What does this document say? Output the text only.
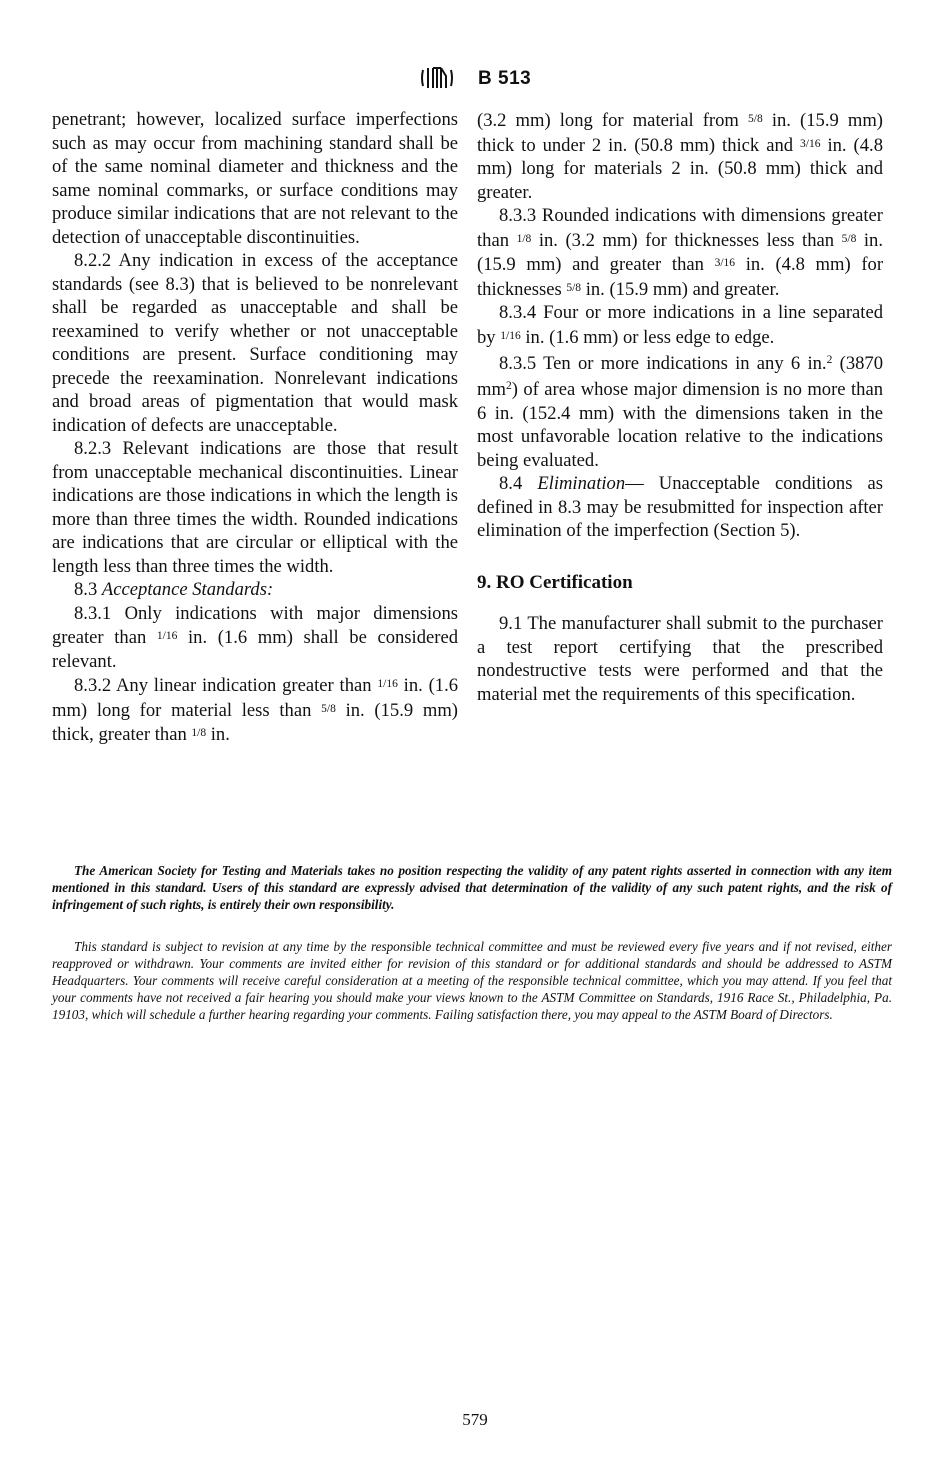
B 513

penetrant; however, localized surface imperfections such as may occur from machining standard shall be of the same nominal diameter and thickness and the same nominal commarks, or surface conditions may produce similar indications that are not relevant to the detection of unacceptable discontinuities.

8.2.2 Any indication in excess of the acceptance standards (see 8.3) that is believed to be nonrelevant shall be regarded as unacceptable and shall be reexamined to verify whether or not unacceptable conditions are present. Surface conditioning may precede the reexamination. Nonrelevant indications and broad areas of pigmentation that would mask indication of defects are unacceptable.

8.2.3 Relevant indications are those that result from unacceptable mechanical discontinuities. Linear indications are those indications in which the length is more than three times the width. Rounded indications are indications that are circular or elliptical with the length less than three times the width.

8.3 Acceptance Standards:

8.3.1 Only indications with major dimensions greater than $^{1/16}$ in. (1.6 mm) shall be considered relevant.

8.3.2 Any linear indication greater than $^{1/16}$ in. (1.6 mm) long for material less than $^{5/8}$ in. (15.9 mm) thick, greater than $^{1/8}$ in.

(3.2 mm) long for material from $^{5/8}$ in. (15.9 mm) thick to under 2 in. (50.8 mm) thick and $^{3/16}$ in. (4.8 mm) long for materials 2 in. (50.8 mm) thick and greater.

8.3.3 Rounded indications with dimensions greater than $^{1/8}$ in. (3.2 mm) for thicknesses less than $^{5/8}$ in. (15.9 mm) and greater than $^{3/16}$ in. (4.8 mm) for thicknesses $^{5/8}$ in. (15.9 mm) and greater.

8.3.4 Four or more indications in a line separated by $^{1/16}$ in. (1.6 mm) or less edge to edge.

8.3.5 Ten or more indications in any 6 in.$^2$ (3870 $mm^2$) of area whose major dimension is no more than 6 in. (152.4 mm) with the dimensions taken in the most unfavorable location relative to the indications being evaluated.

8.4 Elimination— Unacceptable conditions as defined in 8.3 may be resubmitted for inspection after elimination of the imperfection (Section 5).

9. RO Certification

9.1 The manufacturer shall submit to the purchaser a test report certifying that the prescribed nondestructive tests were performed and that the material met the requirements of this specification.

The American Society for Testing and Materials takes no position respecting the validity of any patent rights asserted in connection with any item mentioned in this standard. Users of this standard are expressly advised that determination of the validity of any such patent rights, and the risk of infringement of such rights, is entirely their own responsibility.

This standard is subject to revision at any time by the responsible technical committee and must be reviewed every five years and if not revised, either reapproved or withdrawn. Your comments are invited either for revision of this standard or for additional standards and should be addressed to ASTM Headquarters. Your comments will receive careful consideration at a meeting of the responsible technical committee, which you may attend. If you feel that your comments have not received a fair hearing you should make your views known to the ASTM Committee on Standards, 1916 Race St., Philadelphia, Pa. 19103, which will schedule a further hearing regarding your comments. Failing satisfaction there, you may appeal to the ASTM Board of Directors.

579
